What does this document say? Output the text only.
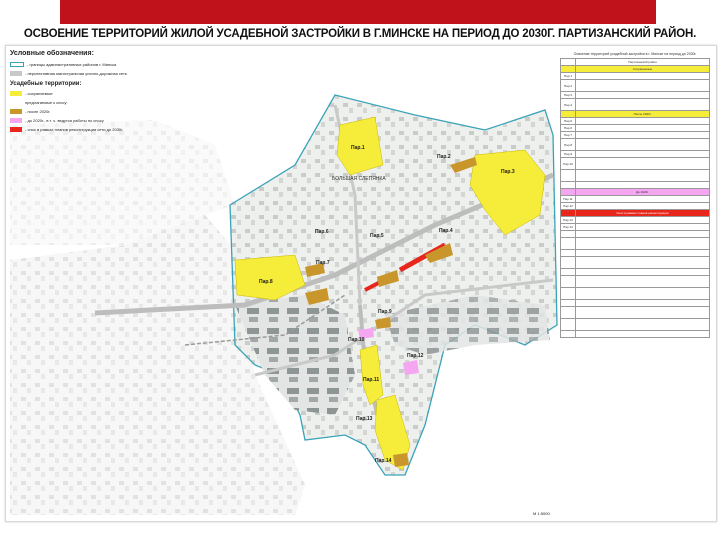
ОСВОЕНИЕ ТЕРРИТОРИЙ ЖИЛОЙ УСАДЕБНОЙ ЗАСТРОЙКИ В Г.МИНСКЕ НА ПЕРИОД ДО 2030Г. ПАРТИЗАНСКИЙ РАЙОН.
Пар.1
Пар.2
Пар.3
Пар.4
Пар.5
Пар.6
Пар.7
Пар.8
Пар.9
Пар.10
Пар.11
Пар.12
Пар.13
Пар.14
БОЛЬШАЯ СЛЕПЯНКА
Условные обозначения:
- границы административных районов г. Минска
- перспективная магистральная улично-дорожная сеть
Усадебные территории:
- сохраняемые
предлагаемые к сносу:
- после 2020г.
- до 2020г., в т. ч. ведутся работы по сносу
- снос в рамках планов реконструкции сети до 2030г.
Освоение территорий усадебной застройки в г. Минске на период до 2030г.
	Партизанский район
	Сохраняемые
Пар.1	
Пар.2	
Пар.3	
Пар.4	
	После 2020г.
Пар.5	
Пар.6	
Пар.7	
Пар.8	
Пар.9	
Пар.10	

	До 2020г.
Пар.11	
Пар.12	
	Снос в рамках планов реконструкции
Пар.13	
Пар.14	

М 1:5000
